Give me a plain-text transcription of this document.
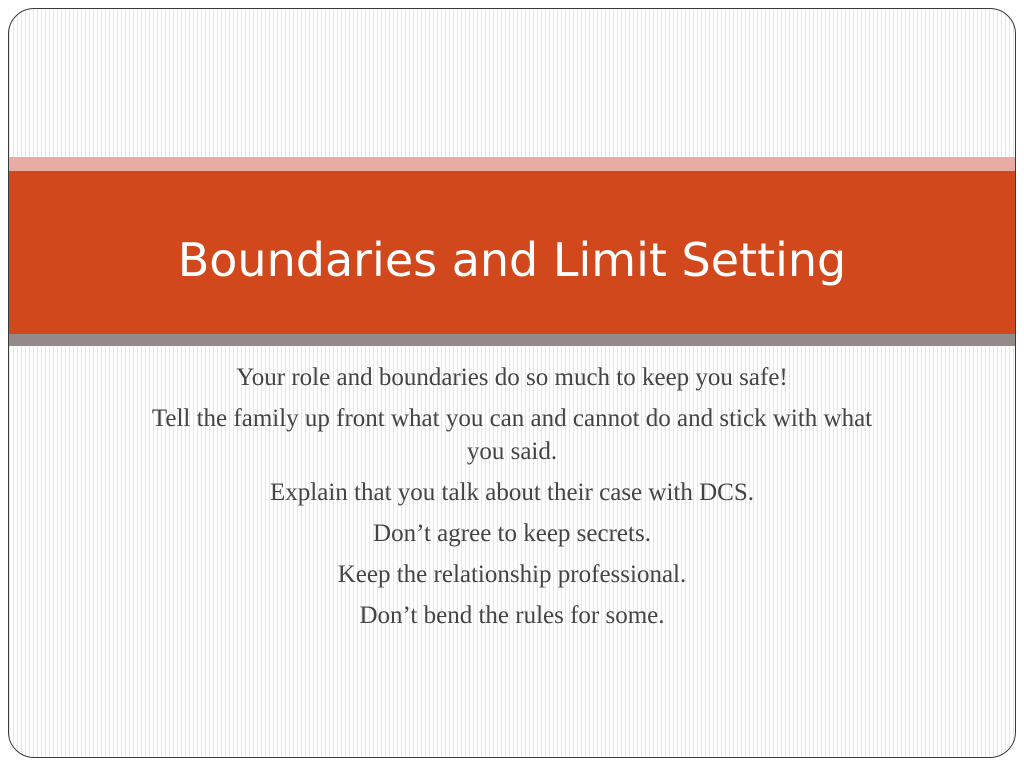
Boundaries and Limit Setting
Your role and boundaries do so much to keep you safe!
Tell the family up front what you can and cannot do and stick with what you said.
Explain that you talk about their case with DCS.
Don’t agree to keep secrets.
Keep the relationship professional.
Don’t bend the rules for some.
